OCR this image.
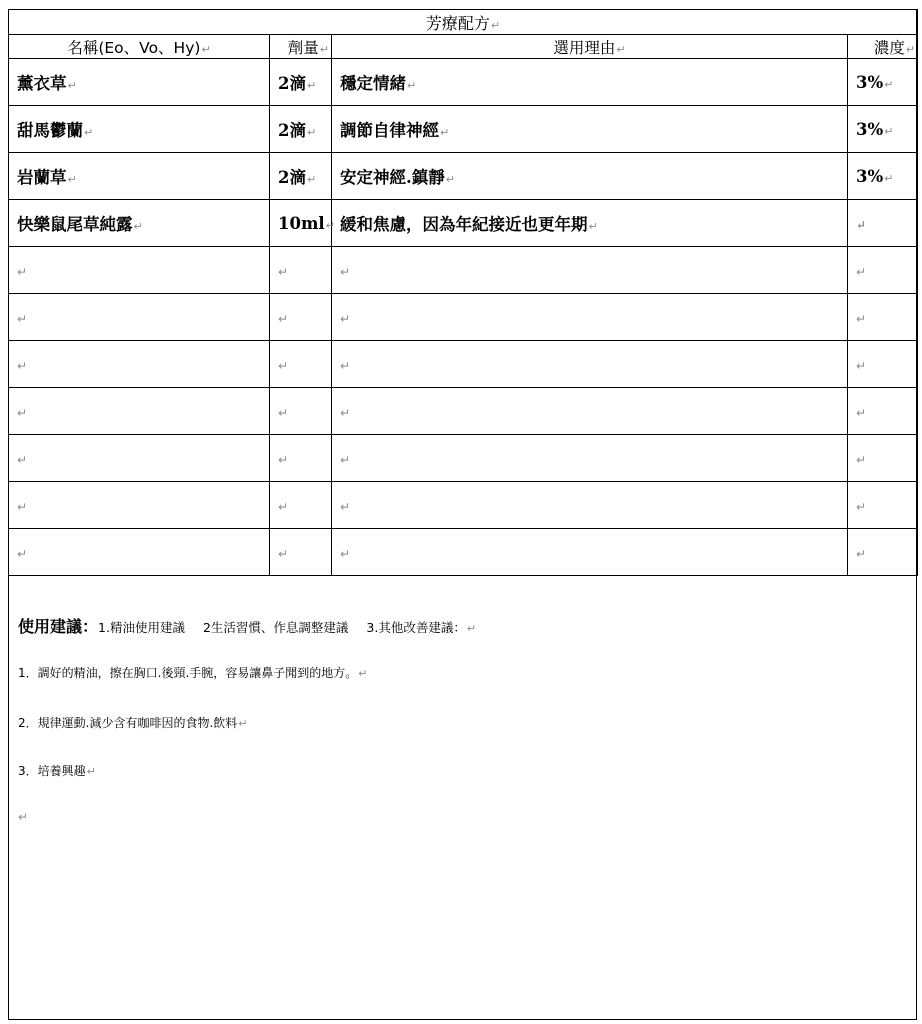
芳療配方↵			
名稱(Eo、Vo、Hy)↵	劑量↵	選用理由↵	濃度↵
薰衣草↵	2滴↵	穩定情緒↵	3%↵
甜馬鬱蘭↵	2滴↵	調節自律神經↵	3%↵
岩蘭草↵	2滴↵	安定神經.鎮靜↵	3%↵
快樂鼠尾草純露↵	10ml↵	緩和焦慮，因為年紀接近也更年期↵	↵
↵	↵	↵	↵
↵	↵	↵	↵
↵	↵	↵	↵
↵	↵	↵	↵
↵	↵	↵	↵
↵	↵	↵	↵
↵	↵	↵	↵
使用建議：1.精油使用建議 2生活習慣、作息調整建議 3.其他改善建議：↵
1．調好的精油，擦在胸口.後頸.手腕，容易讓鼻子聞到的地方。↵
2．規律運動.減少含有咖啡因的食物.飲料↵
3．培養興趣↵
↵
